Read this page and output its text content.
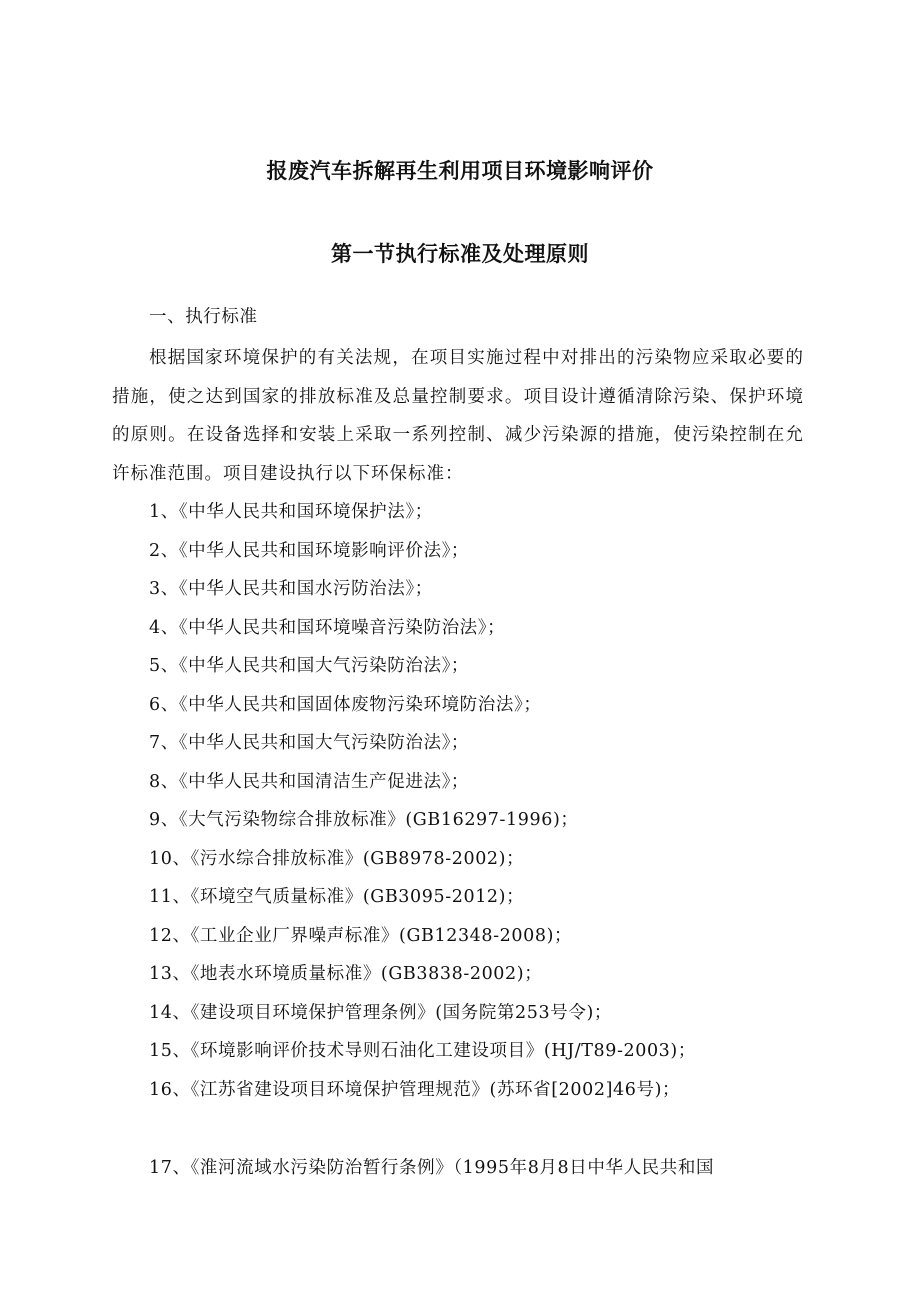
报废汽车拆解再生利用项目环境影响评价
第一节执行标准及处理原则
一、执行标准
根据国家环境保护的有关法规，在项目实施过程中对排出的污染物应采取必要的措施，使之达到国家的排放标准及总量控制要求。项目设计遵循清除污染、保护环境的原则。在设备选择和安装上采取一系列控制、减少污染源的措施，使污染控制在允许标准范围。项目建设执行以下环保标准：
1、《中华人民共和国环境保护法》；
2、《中华人民共和国环境影响评价法》；
3、《中华人民共和国水污防治法》；
4、《中华人民共和国环境噪音污染防治法》；
5、《中华人民共和国大气污染防治法》；
6、《中华人民共和国固体废物污染环境防治法》；
7、《中华人民共和国大气污染防治法》；
8、《中华人民共和国清洁生产促进法》；
9、《大气污染物综合排放标准》(GB16297-1996)；
10、《污水综合排放标准》(GB8978-2002)；
11、《环境空气质量标准》(GB3095-2012)；
12、《工业企业厂界噪声标准》(GB12348-2008)；
13、《地表水环境质量标准》(GB3838-2002)；
14、《建设项目环境保护管理条例》(国务院第253号令)；
15、《环境影响评价技术导则石油化工建设项目》(HJ/T89-2003)；
16、《江苏省建设项目环境保护管理规范》(苏环省[2002]46号)；
17、《淮河流域水污染防治暂行条例》（1995年8月8日中华人民共和国
